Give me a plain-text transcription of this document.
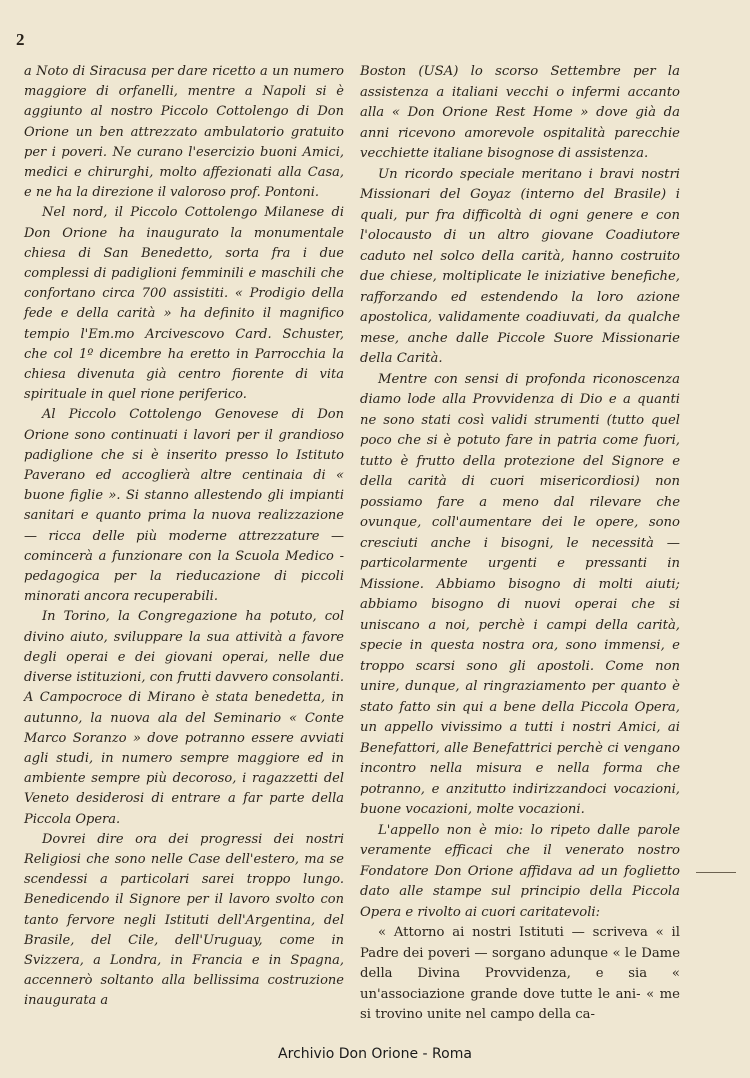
2

a Noto di Siracusa per dare ricetto a un numero maggiore di orfanelli, mentre a Napoli si è aggiunto al nostro Piccolo Cottolengo di Don Orione un ben attrezzato ambulatorio gratuito per i poveri. Ne curano l'esercizio buoni Amici, medici e chirurghi, molto affezionati alla Casa, e ne ha la direzione il valoroso prof. Pontoni.

Nel nord, il Piccolo Cottolengo Milanese di Don Orione ha inaugurato la monumentale chiesa di San Benedetto, sorta fra i due complessi di padiglioni femminili e maschili che confortano circa 700 assistiti. « Prodigio della fede e della carità » ha definito il magnifico tempio l'Em.mo Arcivescovo Card. Schuster, che col 1º dicembre ha eretto in Parrocchia la chiesa divenuta già centro fiorente di vita spirituale in quel rione periferico.

Al Piccolo Cottolengo Genovese di Don Orione sono continuati i lavori per il grandioso padiglione che si è inserito presso lo Istituto Paverano ed accoglierà altre centinaia di « buone figlie ». Si stanno allestendo gli impianti sanitari e quanto prima la nuova realizzazione — ricca delle più moderne attrezzature — comincerà a funzionare con la Scuola Medico - pedagogica per la rieducazione di piccoli minorati ancora recuperabili.

In Torino, la Congregazione ha potuto, col divino aiuto, sviluppare la sua attività a favore degli operai e dei giovani operai, nelle due diverse istituzioni, con frutti davvero consolanti. A Campocroce di Mirano è stata benedetta, in autunno, la nuova ala del Seminario « Conte Marco Soranzo » dove potranno essere avviati agli studi, in numero sempre maggiore ed in ambiente sempre più decoroso, i ragazzetti del Veneto desiderosi di entrare a far parte della Piccola Opera.

Dovrei dire ora dei progressi dei nostri Religiosi che sono nelle Case dell'estero, ma se scendessi a particolari sarei troppo lungo. Benedicendo il Signore per il lavoro svolto con tanto fervore negli Istituti dell'Argentina, del Brasile, del Cile, dell'Uruguay, come in Svizzera, a Londra, in Francia e in Spagna, accennerò soltanto alla bellissima costruzione inaugurata a

Boston (USA) lo scorso Settembre per la assistenza a italiani vecchi o infermi accanto alla « Don Orione Rest Home » dove già da anni ricevono amorevole ospitalità parecchie vecchiette italiane bisognose di assistenza.

Un ricordo speciale meritano i bravi nostri Missionari del Goyaz (interno del Brasile) i quali, pur fra difficoltà di ogni genere e con l'olocausto di un altro giovane Coadiutore caduto nel solco della carità, hanno costruito due chiese, moltiplicate le iniziative benefiche, rafforzando ed estendendo la loro azione apostolica, validamente coadiuvati, da qualche mese, anche dalle Piccole Suore Missionarie della Carità.

Mentre con sensi di profonda riconoscenza diamo lode alla Provvidenza di Dio e a quanti ne sono stati così validi strumenti (tutto quel poco che si è potuto fare in patria come fuori, tutto è frutto della protezione del Signore e della carità di cuori misericordiosi) non possiamo fare a meno dal rilevare che ovunque, coll'aumentare dei le opere, sono cresciuti anche i bisogni, le necessità — particolarmente urgenti e pressanti in Missione. Abbiamo bisogno di molti aiuti; abbiamo bisogno di nuovi operai che si uniscano a noi, perchè i campi della carità, specie in questa nostra ora, sono immensi, e troppo scarsi sono gli apostoli. Come non unire, dunque, al ringraziamento per quanto è stato fatto sin qui a bene della Piccola Opera, un appello vivissimo a tutti i nostri Amici, ai Benefattori, alle Benefattrici perchè ci vengano incontro nella misura e nella forma che potranno, e anzitutto indirizzandoci vocazioni, buone vocazioni, molte vocazioni.

L'appello non è mio: lo ripeto dalle parole veramente efficaci che il venerato nostro Fondatore Don Orione affidava ad un foglietto dato alle stampe sul principio della Piccola Opera e rivolto ai cuori caritatevoli:

« Attorno ai nostri Istituti — scriveva « il Padre dei poveri — sorgano adunque « le Dame della Divina Provvidenza, e sia « un'associazione grande dove tutte le ani- « me si trovino unite nel campo della ca-

Archivio Don Orione - Roma
